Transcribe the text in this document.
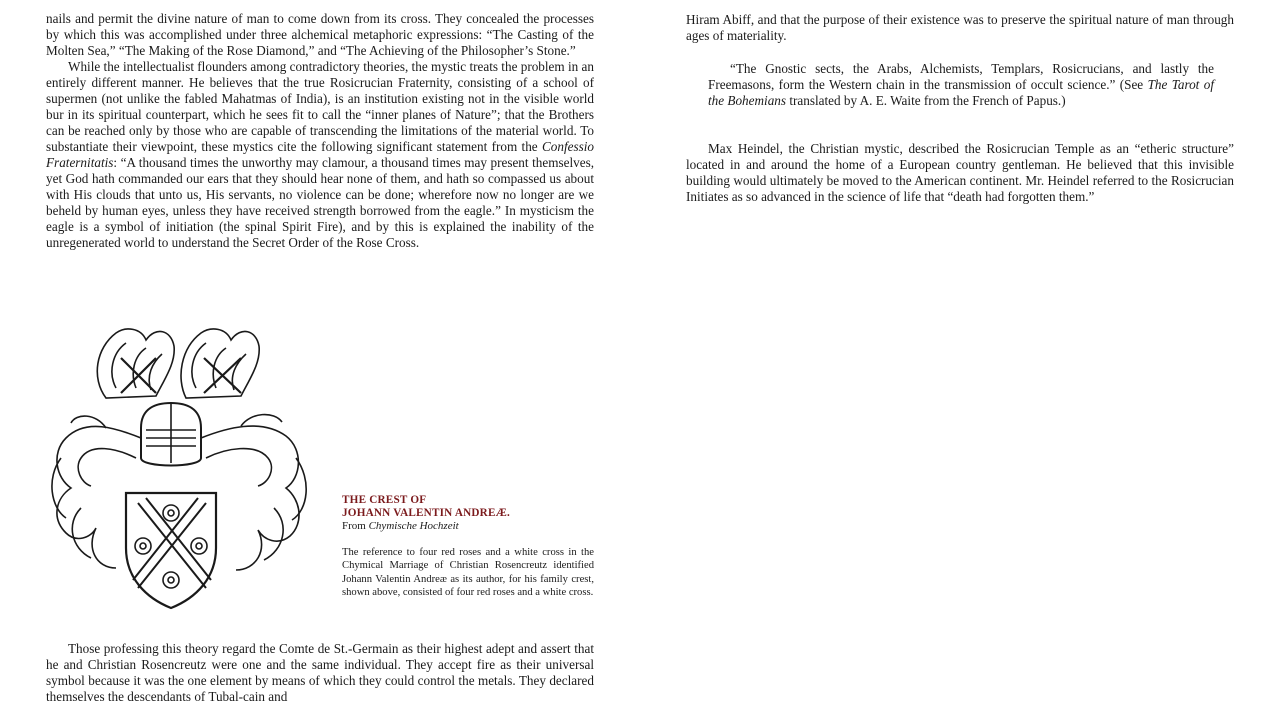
nails and permit the divine nature of man to come down from its cross. They concealed the processes by which this was accomplished under three alchemical metaphoric expressions: “The Casting of the Molten Sea,” “The Making of the Rose Diamond,” and “The Achieving of the Philosopher’s Stone.”

While the intellectualist flounders among contradictory theories, the mystic treats the problem in an entirely different manner. He believes that the true Rosicrucian Fraternity, consisting of a school of supermen (not unlike the fabled Mahatmas of India), is an institution existing not in the visible world bur in its spiritual counterpart, which he sees fit to call the “inner planes of Nature”; that the Brothers can be reached only by those who are capable of transcending the limitations of the material world. To substantiate their viewpoint, these mystics cite the following significant statement from the Confessio Fraternitatis: “A thousand times the unworthy may clamour, a thousand times may present themselves, yet God hath commanded our ears that they should hear none of them, and hath so compassed us about with His clouds that unto us, His servants, no violence can be done; wherefore now no longer are we beheld by human eyes, unless they have received strength borrowed from the eagle.” In mysticism the eagle is a symbol of initiation (the spinal Spirit Fire), and by this is explained the inability of the unregenerated world to understand the Secret Order of the Rose Cross.

THE CREST OF
JOHANN VALENTIN ANDREÆ.
From Chymische Hochzeit

The reference to four red roses and a white cross in the Chymical Marriage of Christian Rosencreutz identified Johann Valentin Andreæ as its author, for his family crest, shown above, consisted of four red roses and a white cross.

Those professing this theory regard the Comte de St.-Germain as their highest adept and assert that he and Christian Rosencreutz were one and the same individual. They accept fire as their universal symbol because it was the one element by means of which they could control the metals. They declared themselves the descendants of Tubal-cain and

Hiram Abiff, and that the purpose of their existence was to preserve the spiritual nature of man through ages of materiality.

“The Gnostic sects, the Arabs, Alchemists, Templars, Rosicrucians, and lastly the Freemasons, form the Western chain in the transmission of occult science.” (See The Tarot of the Bohemians translated by A. E. Waite from the French of Papus.)

Max Heindel, the Christian mystic, described the Rosicrucian Temple as an “etheric structure” located in and around the home of a European country gentleman. He believed that this invisible building would ultimately be moved to the American continent. Mr. Heindel referred to the Rosicrucian Initiates as so advanced in the science of life that “death had forgotten them.”
